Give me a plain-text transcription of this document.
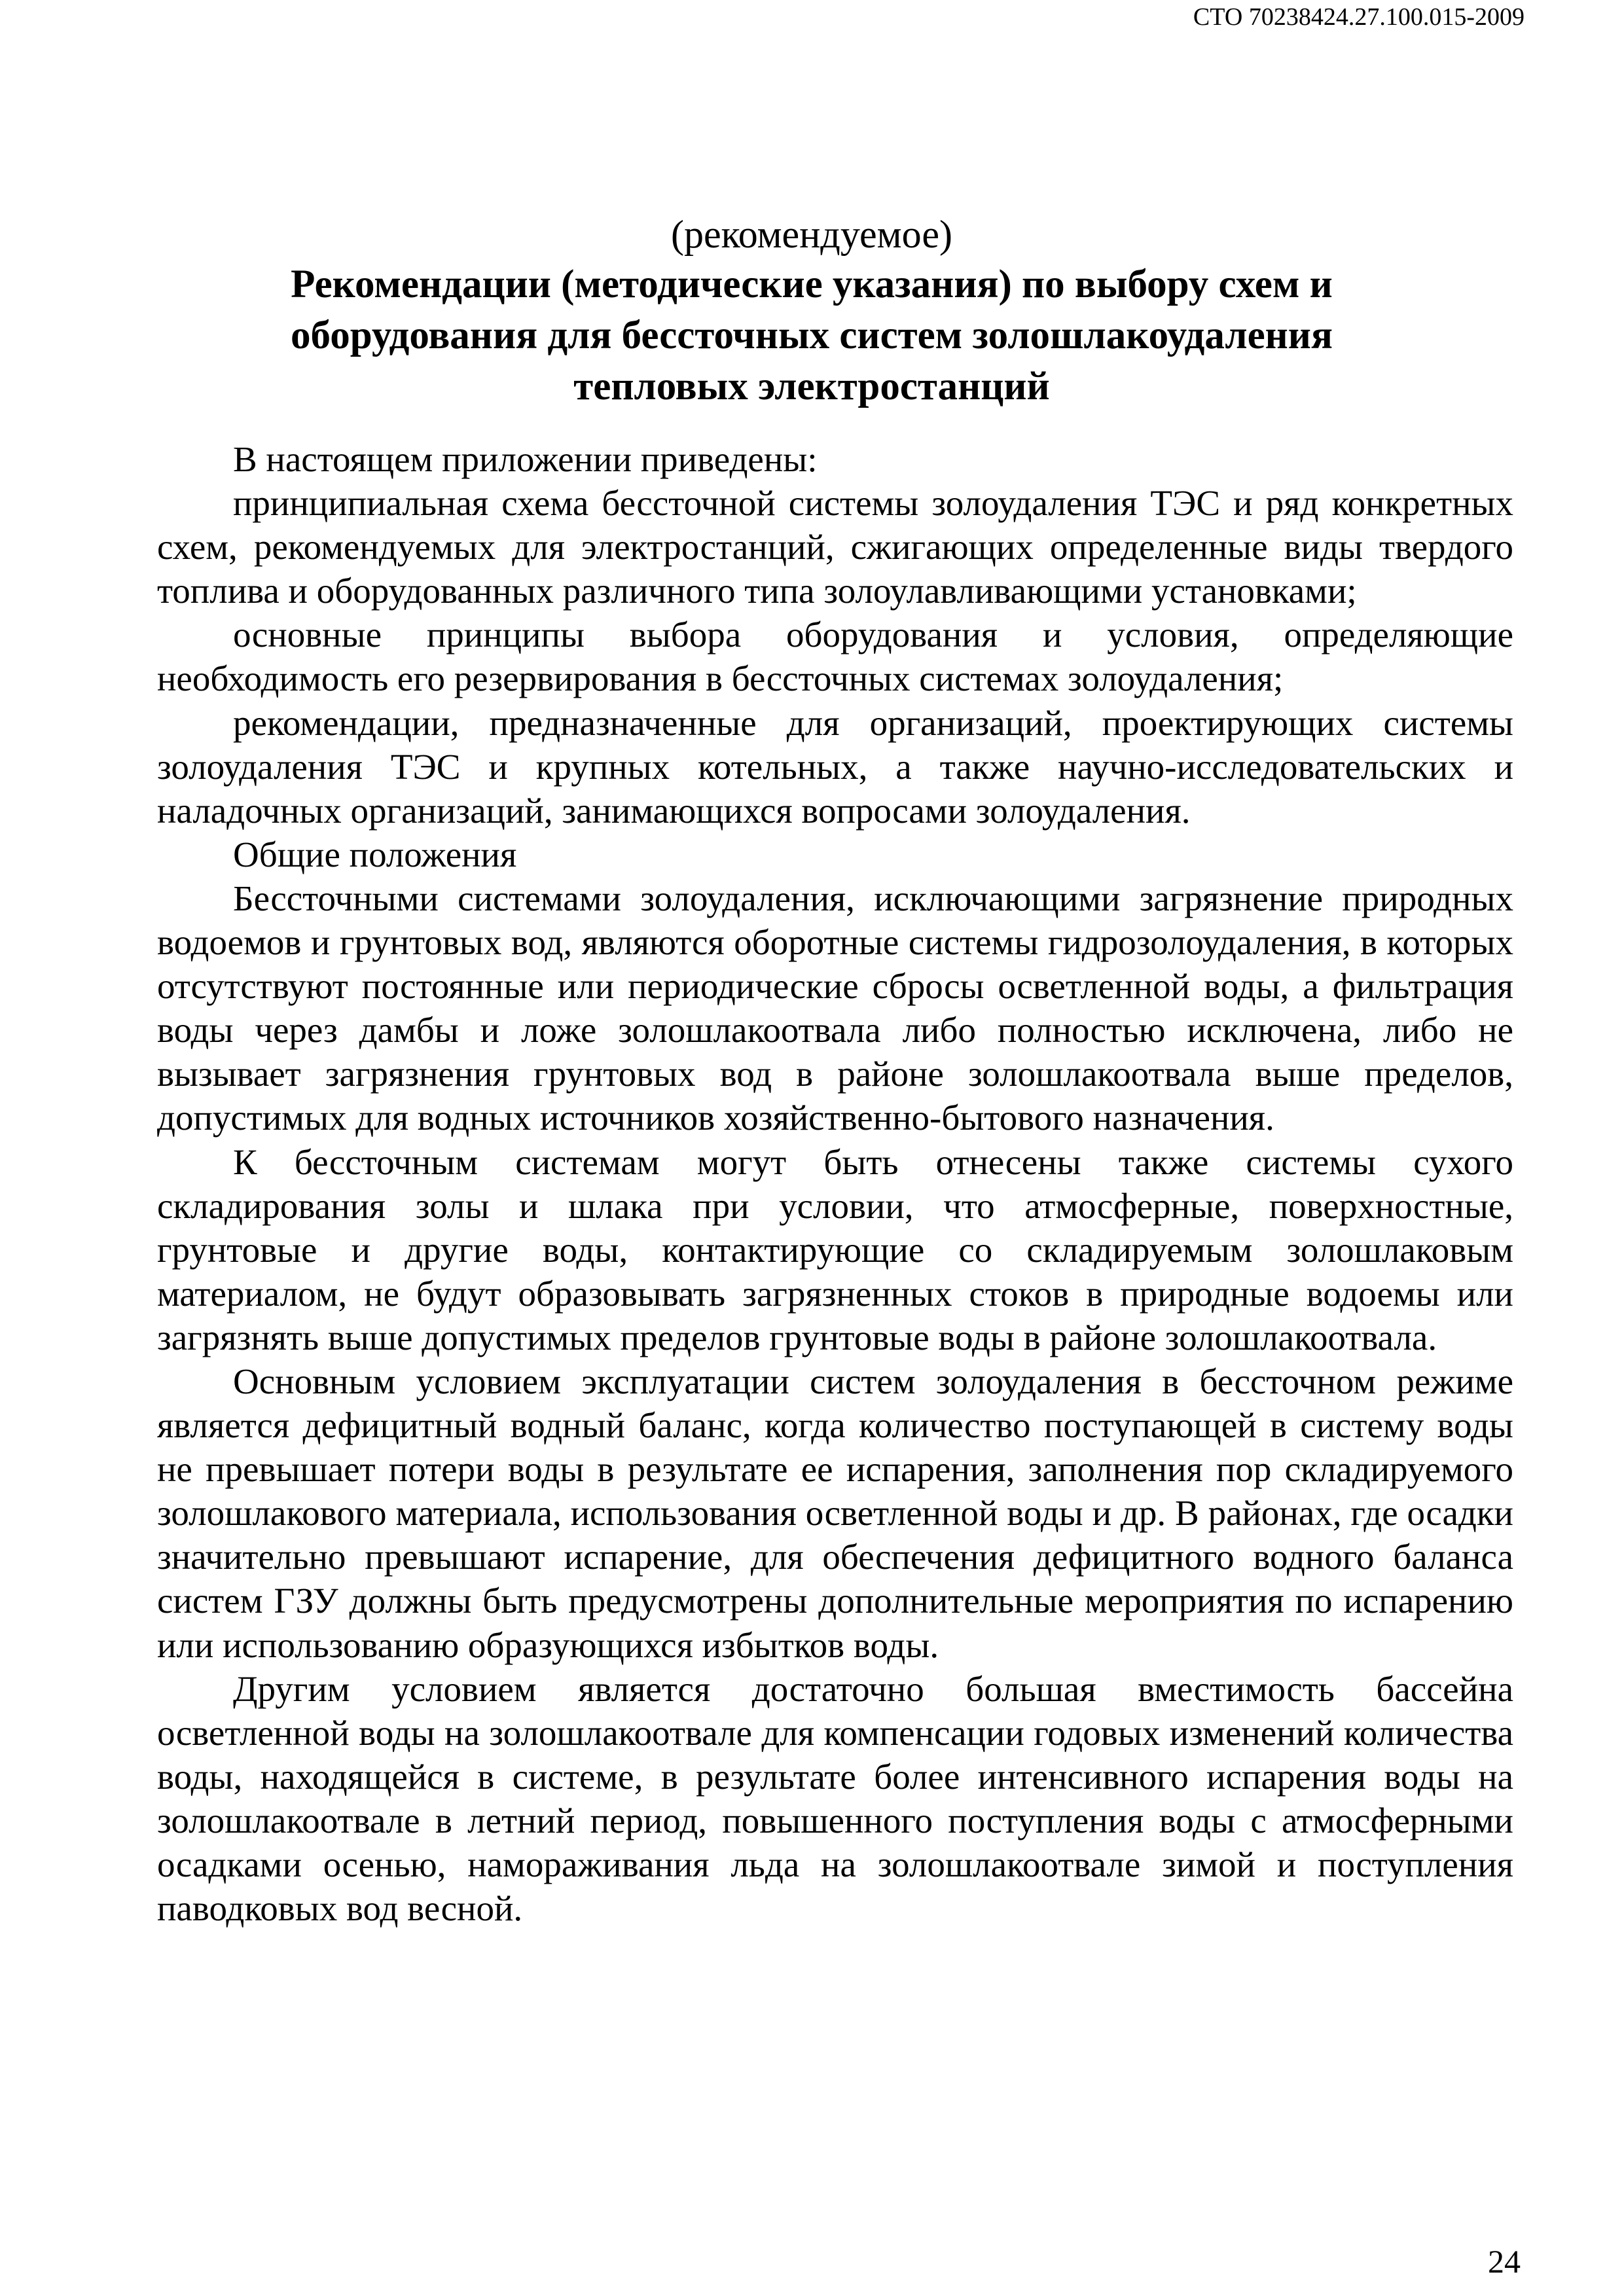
СТО 70238424.27.100.015-2009

(рекомендуемое)

Рекомендации (методические указания) по выбору схем и

оборудования для бессточных систем золошлакоудаления

тепловых электростанций

В настоящем приложении приведены:

принципиальная схема бессточной системы золоудаления ТЭС и ряд конкретных схем, рекомендуемых для электростанций, сжигающих определенные виды твердого топлива и оборудованных различного типа золоулавливающими установками;

основные принципы выбора оборудования и условия, определяющие необходимость его резервирования в бессточных системах золоудаления;

рекомендации, предназначенные для организаций, проектирующих системы золоудаления ТЭС и крупных котельных, а также научно-исследовательских и наладочных организаций, занимающихся вопросами золоудаления.

Общие положения

Бессточными системами золоудаления, исключающими загрязнение природных водоемов и грунтовых вод, являются оборотные системы гидрозолоудаления, в которых отсутствуют постоянные или периодические сбросы осветленной воды, а фильтрация воды через дамбы и ложе золошлакоотвала либо полностью исключена, либо не вызывает загрязнения грунтовых вод в районе золошлакоотвала выше пределов, допустимых для водных источников хозяйственно-бытового назначения.

К бессточным системам могут быть отнесены также системы сухого складирования золы и шлака при условии, что атмосферные, поверхностные, грунтовые и другие воды, контактирующие со складируемым золошлаковым материалом, не будут образовывать загрязненных стоков в природные водоемы или загрязнять выше допустимых пределов грунтовые воды в районе золошлакоотвала.

Основным условием эксплуатации систем золоудаления в бессточном режиме является дефицитный водный баланс, когда количество поступающей в систему воды не превышает потери воды в результате ее испарения, заполнения пор складируемого золошлакового материала, использования осветленной воды и др. В районах, где осадки значительно превышают испарение, для обеспечения дефицитного водного баланса систем ГЗУ должны быть предусмотрены дополнительные мероприятия по испарению или использованию образующихся избытков воды.

Другим условием является достаточно большая вместимость бассейна осветленной воды на золошлакоотвале для компенсации годовых изменений количества воды, находящейся в системе, в результате более интенсивного испарения воды на золошлакоотвале в летний период, повышенного поступления воды с атмосферными осадками осенью, намораживания льда на золошлакоотвале зимой и поступления паводковых вод весной.

24
